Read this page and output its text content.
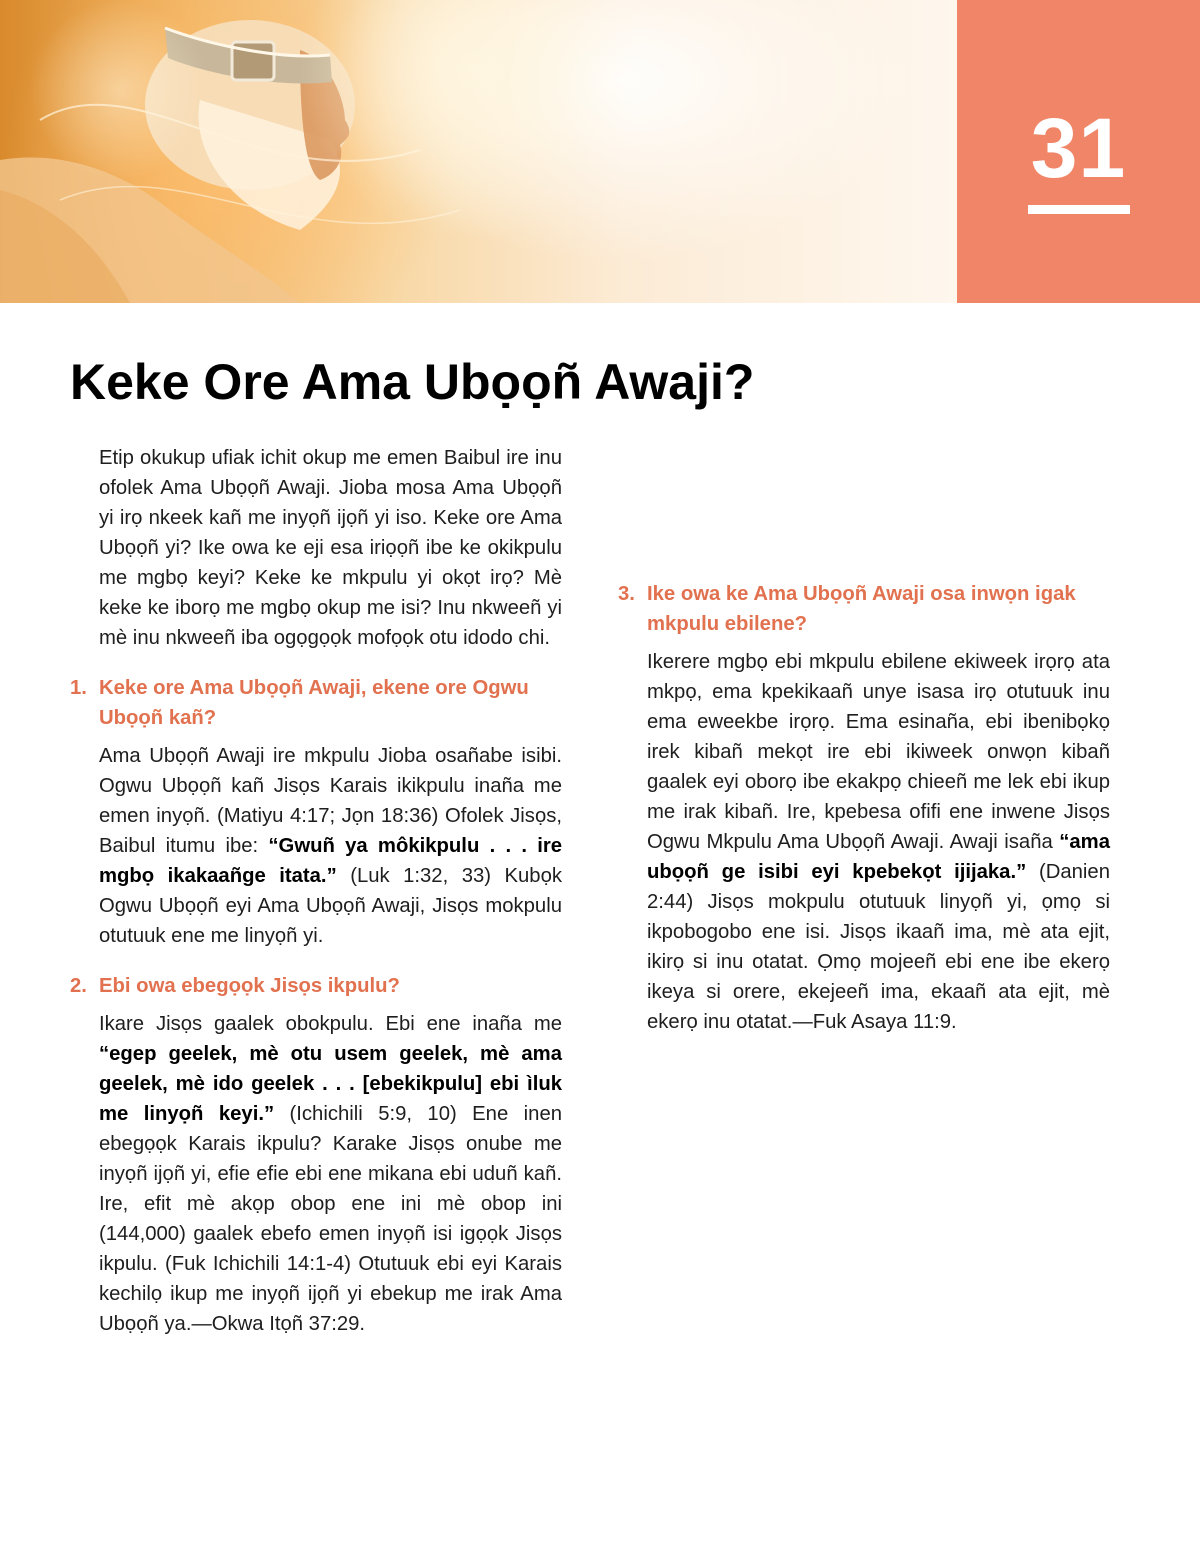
31
Keke Ore Ama Ubọọñ Awaji?

Etip okukup ufiak ichit okup me emen Baibul ire inu ofolek Ama Ubọọñ Awaji. Jioba mosa Ama Ubọọñ yi irọ nkeek kañ me inyọñ ijọñ yi iso. Keke ore Ama Ubọọñ yi? Ike owa ke eji esa iriọọñ ibe ke okikpulu me mgbọ keyi? Keke ke mkpulu yi okọt irọ? Mè keke ke iborọ me mgbọ okup me isi? Inu nkweeñ yi mè inu nkweeñ iba ogọgọọk mofọọk otu idodo chi.

1. Keke ore Ama Ubọọñ Awaji, ekene ore Ogwu Ubọọñ kañ?

Ama Ubọọñ Awaji ire mkpulu Jioba osañabe isibi. Ogwu Ubọọñ kañ Jisọs Karais ikikpulu inaña me emen inyọñ. (Matiyu 4:17; Jọn 18:36) Ofolek Jisọs, Baibul itumu ibe: “Gwuñ ya môkikpulu . . . ire mgbọ ikakaañge itata.” (Luk 1:32, 33) Kubọk Ogwu Ubọọñ eyi Ama Ubọọñ Awaji, Jisọs mokpulu otutuuk ene me linyọñ yi.

2. Ebi owa ebegọọk Jisọs ikpulu?

Ikare Jisọs gaalek obokpulu. Ebi ene inaña me “egep geelek, mè otu usem geelek, mè ama geelek, mè ido geelek . . . [ebekikpulu] ebi ìluk me linyọñ keyi.” (Ichichili 5:9, 10) Ene inen ebegọọk Karais ikpulu? Karake Jisọs onube me inyọñ ijọñ yi, efie efie ebi ene mikana ebi uduñ kañ. Ire, efit mè akọp obop ene ini mè obop ini (144,000) gaalek ebefo emen inyọñ isi igọọk Jisọs ikpulu. (Fuk Ichichili 14:1-4) Otutuuk ebi eyi Karais kechilọ ikup me inyọñ ijọñ yi ebekup me irak Ama Ubọọñ ya.—Okwa Itọñ 37:29.

3. Ike owa ke Ama Ubọọñ Awaji osa inwọn igak mkpulu ebilene?

Ikerere mgbọ ebi mkpulu ebilene ekiweek irọrọ ata mkpọ, ema kpekikaañ unye isasa irọ otutuuk inu ema eweekbe irọrọ. Ema esinaña, ebi ibenibọkọ irek kibañ mekọt ire ebi ikiweek onwọn kibañ gaalek eyi oborọ ibe ekakpọ chieeñ me lek ebi ikup me irak kibañ. Ire, kpebesa ofifi ene inwene Jisọs Ogwu Mkpulu Ama Ubọọñ Awaji. Awaji isaña “ama ubọọñ ge isibi eyi kpebekọt ijijaka.” (Danien 2:44) Jisọs mokpulu otutuuk linyọñ yi, ọmọ si ikpobogobo ene isi. Jisọs ikaañ ima, mè ata ejit, ikirọ si inu otatat. Ọmọ mojeeñ ebi ene ibe ekerọ ikeya si orere, ekejeeñ ima, ekaañ ata ejit, mè ekerọ inu otatat.—Fuk Asaya 11:9.
